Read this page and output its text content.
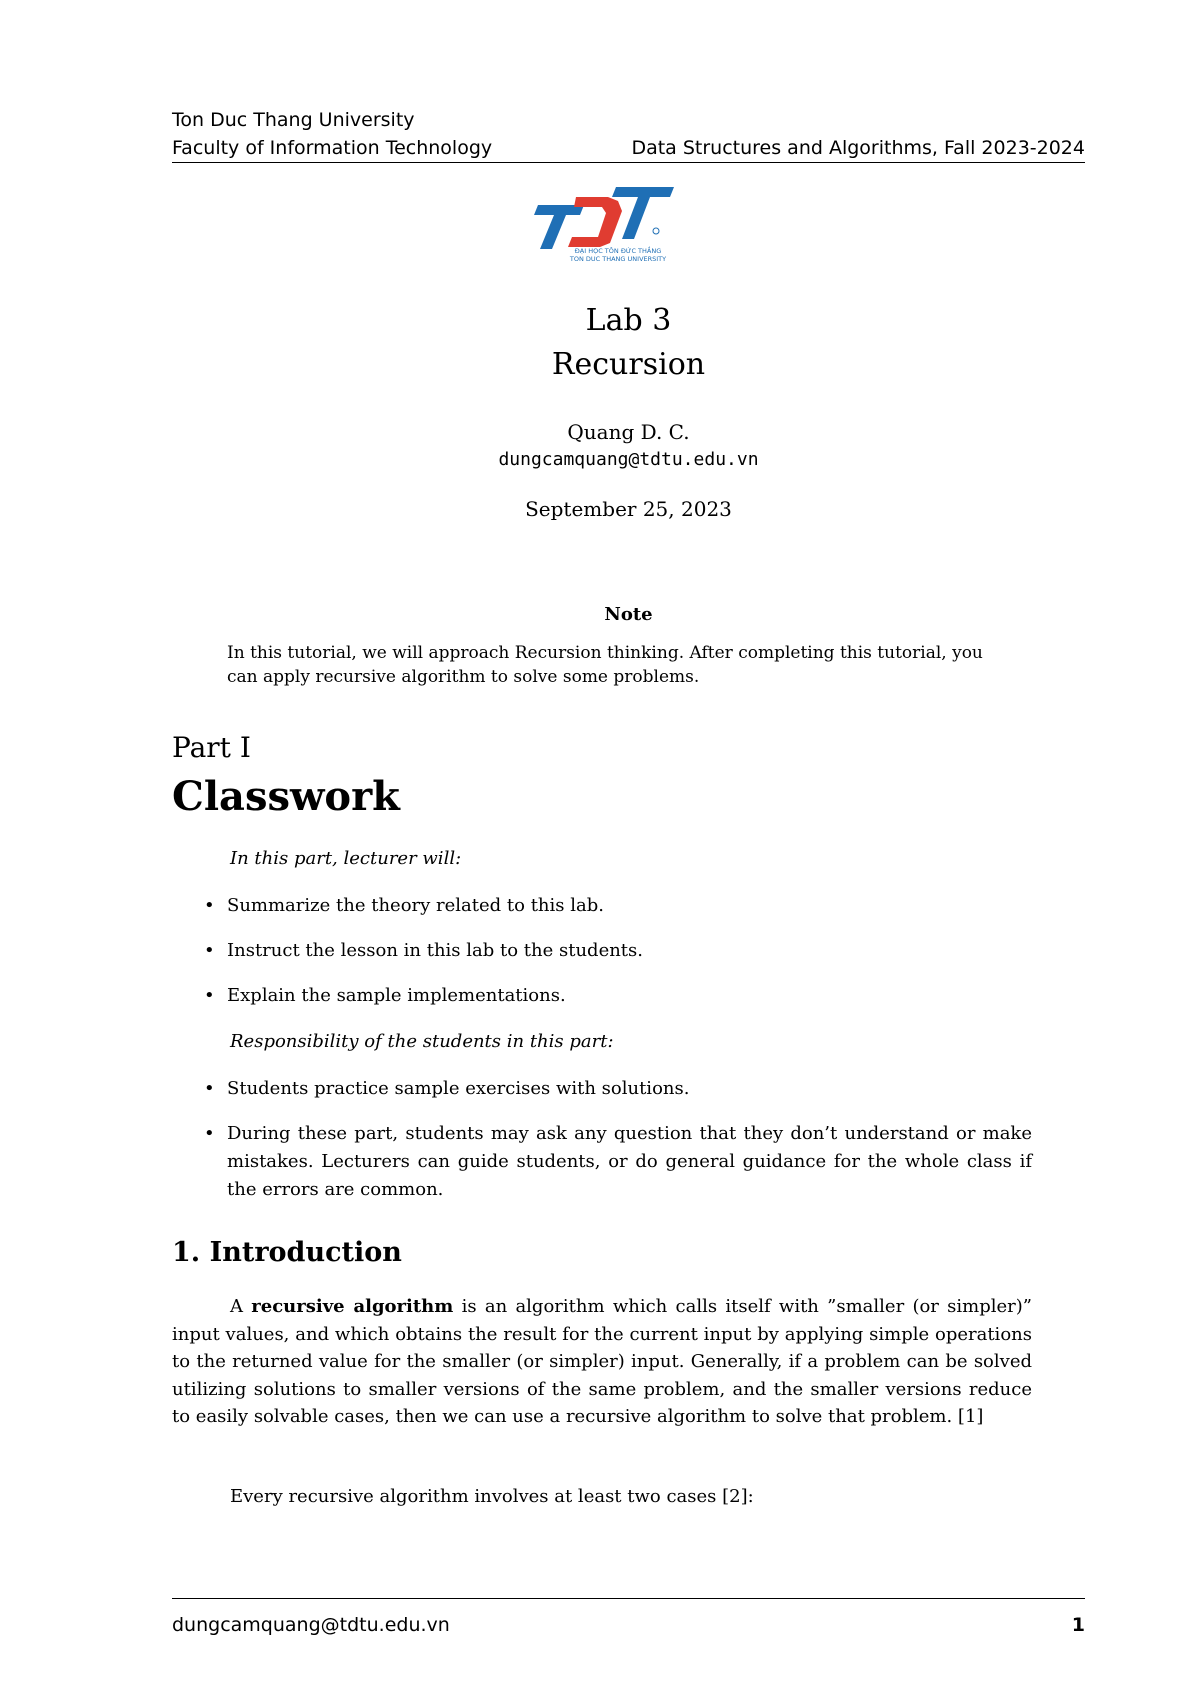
Ton Duc Thang University
Faculty of Information Technology	Data Structures and Algorithms, Fall 2023-2024
ĐẠI HỌC TÔN ĐỨC THẮNG
TON DUC THANG UNIVERSITY
Lab 3
Recursion
Quang D. C.
dungcamquang@tdtu.edu.vn
September 25, 2023
Note
In this tutorial, we will approach Recursion thinking. After completing this tutorial, you can apply recursive algorithm to solve some problems.
Part I
Classwork
In this part, lecturer will:
• Summarize the theory related to this lab.
• Instruct the lesson in this lab to the students.
• Explain the sample implementations.
Responsibility of the students in this part:
• Students practice sample exercises with solutions.
• During these part, students may ask any question that they don’t understand or make mistakes. Lecturers can guide students, or do general guidance for the whole class if the errors are common.
1. Introduction
A recursive algorithm is an algorithm which calls itself with ”smaller (or simpler)” input values, and which obtains the result for the current input by applying simple operations to the returned value for the smaller (or simpler) input. Generally, if a problem can be solved utilizing solutions to smaller versions of the same problem, and the smaller versions reduce to easily solvable cases, then we can use a recursive algorithm to solve that problem. [1]
Every recursive algorithm involves at least two cases [2]:
dungcamquang@tdtu.edu.vn	1
